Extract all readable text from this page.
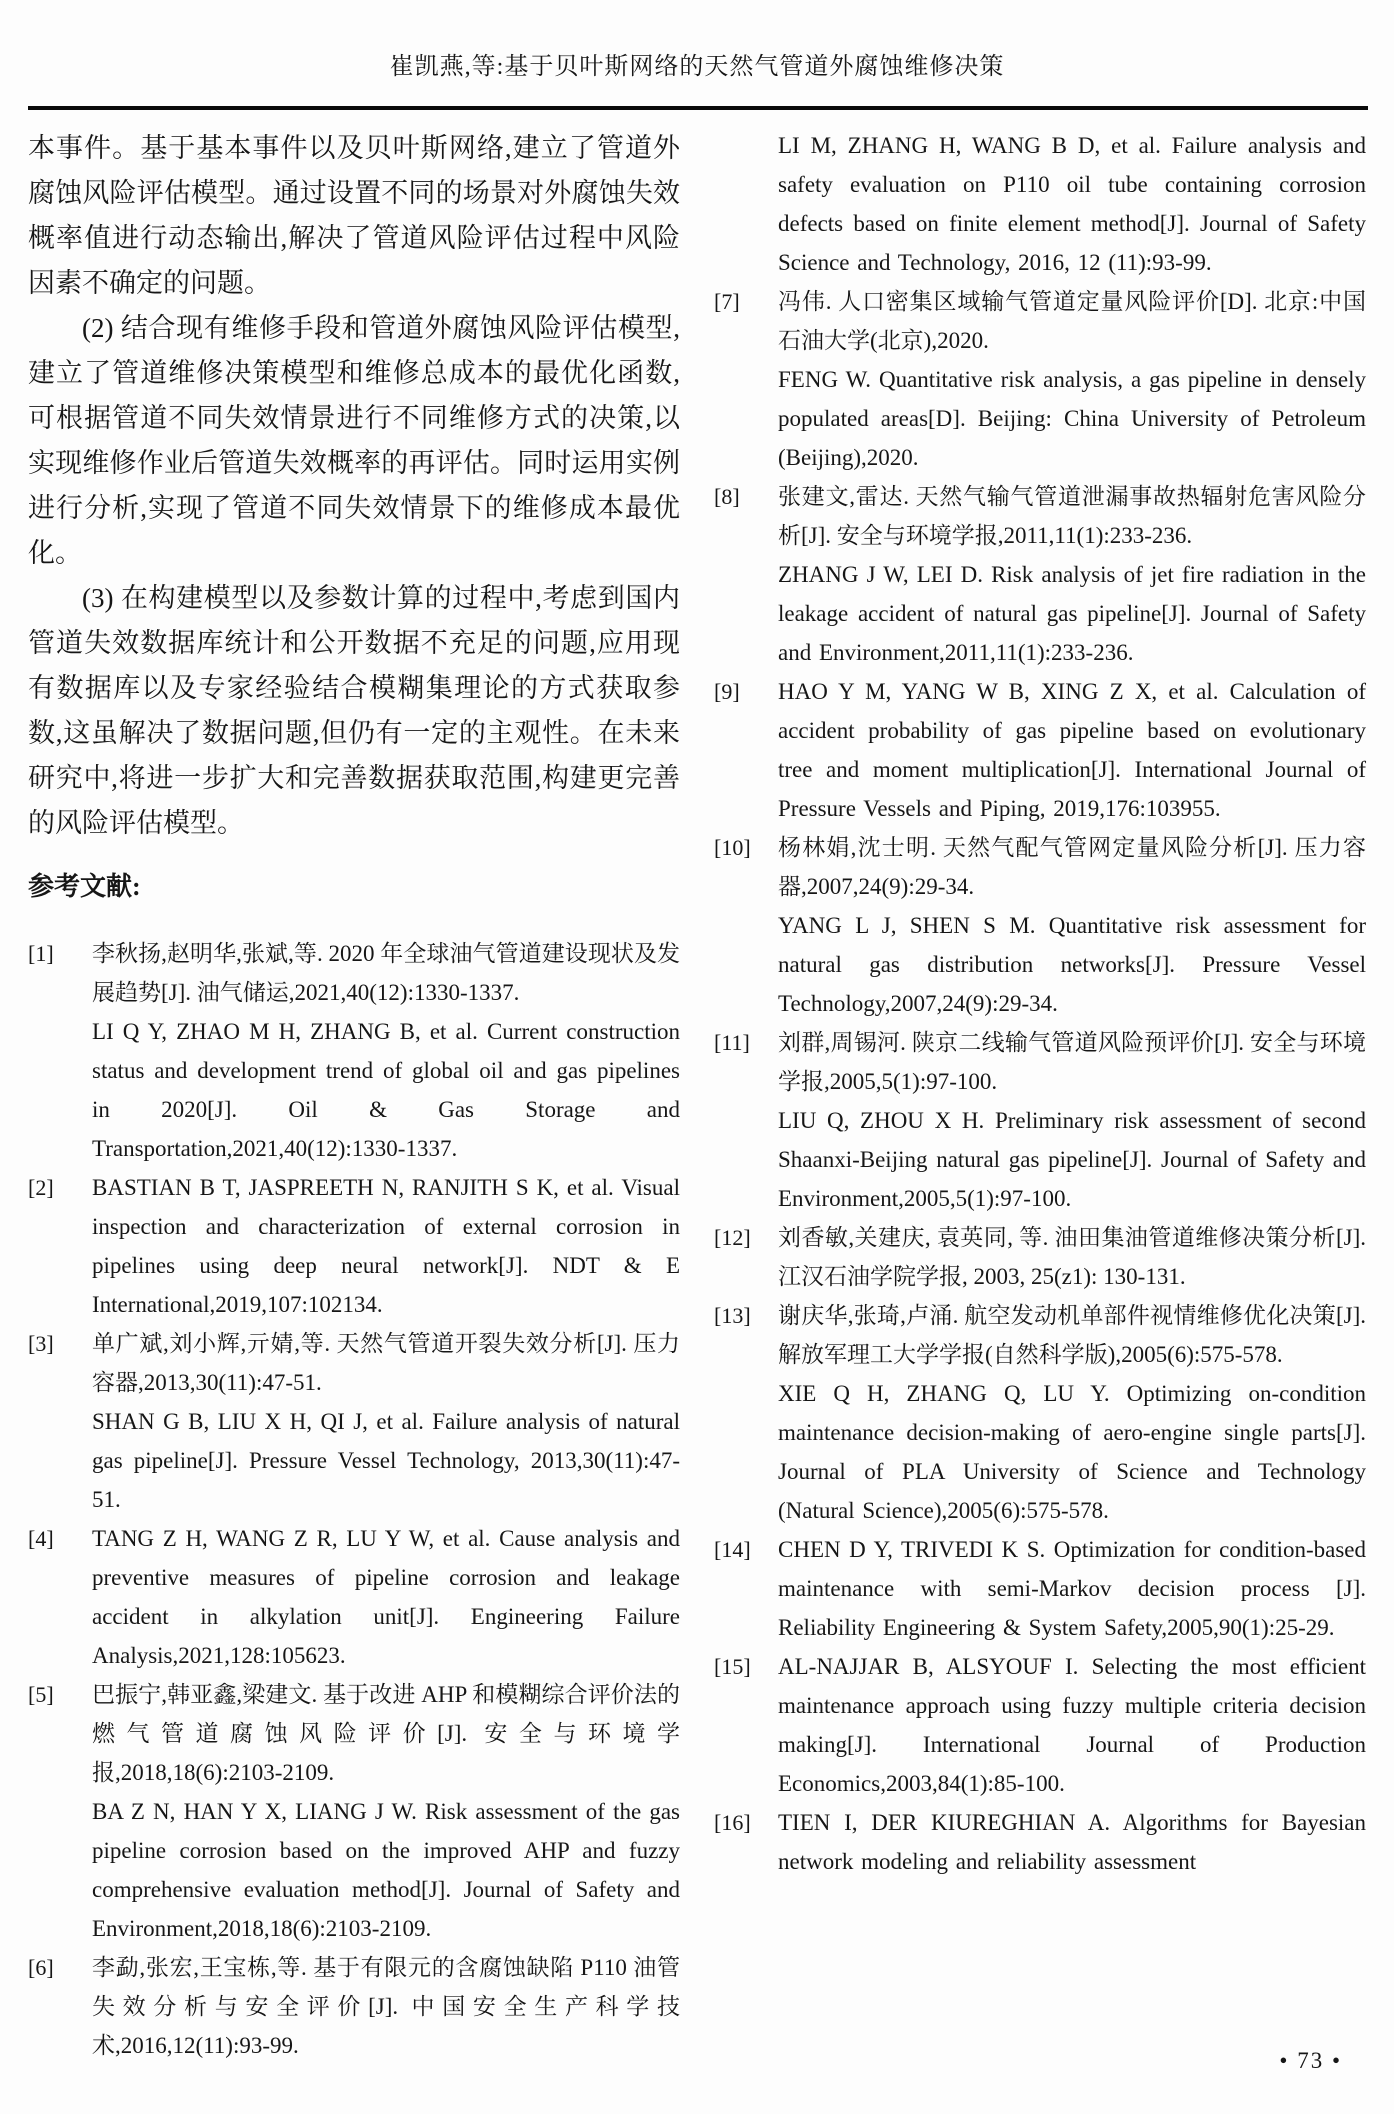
崔凯燕,等:基于贝叶斯网络的天然气管道外腐蚀维修决策

本事件。基于基本事件以及贝叶斯网络,建立了管道外腐蚀风险评估模型。通过设置不同的场景对外腐蚀失效概率值进行动态输出,解决了管道风险评估过程中风险因素不确定的问题。

(2) 结合现有维修手段和管道外腐蚀风险评估模型,建立了管道维修决策模型和维修总成本的最优化函数,可根据管道不同失效情景进行不同维修方式的决策,以实现维修作业后管道失效概率的再评估。同时运用实例进行分析,实现了管道不同失效情景下的维修成本最优化。

(3) 在构建模型以及参数计算的过程中,考虑到国内管道失效数据库统计和公开数据不充足的问题,应用现有数据库以及专家经验结合模糊集理论的方式获取参数,这虽解决了数据问题,但仍有一定的主观性。在未来研究中,将进一步扩大和完善数据获取范围,构建更完善的风险评估模型。

参考文献:
[1] 李秋扬,赵明华,张斌,等. 2020 年全球油气管道建设现状及发展趋势[J]. 油气储运,2021,40(12):1330-1337.
LI Q Y, ZHAO M H, ZHANG B, et al. Current construction status and development trend of global oil and gas pipelines in 2020[J]. Oil & Gas Storage and Transportation,2021,40(12):1330-1337.
[2] BASTIAN B T, JASPREETH N, RANJITH S K, et al. Visual inspection and characterization of external corrosion in pipelines using deep neural network[J]. NDT & E International,2019,107:102134.
[3] 单广斌,刘小辉,亓婧,等. 天然气管道开裂失效分析[J]. 压力容器,2013,30(11):47-51.
SHAN G B, LIU X H, QI J, et al. Failure analysis of natural gas pipeline[J]. Pressure Vessel Technology, 2013,30(11):47-51.
[4] TANG Z H, WANG Z R, LU Y W, et al. Cause analysis and preventive measures of pipeline corrosion and leakage accident in alkylation unit[J]. Engineering Failure Analysis,2021,128:105623.
[5] 巴振宁,韩亚鑫,梁建文. 基于改进 AHP 和模糊综合评价法的燃气管道腐蚀风险评价[J]. 安全与环境学报,2018,18(6):2103-2109.
BA Z N, HAN Y X, LIANG J W. Risk assessment of the gas pipeline corrosion based on the improved AHP and fuzzy comprehensive evaluation method[J]. Journal of Safety and Environment,2018,18(6):2103-2109.
[6] 李勐,张宏,王宝栋,等. 基于有限元的含腐蚀缺陷 P110 油管失效分析与安全评价[J]. 中国安全生产科学技术,2016,12(11):93-99.
LI M, ZHANG H, WANG B D, et al. Failure analysis and safety evaluation on P110 oil tube containing corrosion defects based on finite element method[J]. Journal of Safety Science and Technology, 2016, 12 (11):93-99.
[7] 冯伟. 人口密集区域输气管道定量风险评价[D]. 北京:中国石油大学(北京),2020.
FENG W. Quantitative risk analysis, a gas pipeline in densely populated areas[D]. Beijing: China University of Petroleum (Beijing),2020.
[8] 张建文,雷达. 天然气输气管道泄漏事故热辐射危害风险分析[J]. 安全与环境学报,2011,11(1):233-236.
ZHANG J W, LEI D. Risk analysis of jet fire radiation in the leakage accident of natural gas pipeline[J]. Journal of Safety and Environment,2011,11(1):233-236.
[9] HAO Y M, YANG W B, XING Z X, et al. Calculation of accident probability of gas pipeline based on evolutionary tree and moment multiplication[J]. International Journal of Pressure Vessels and Piping, 2019,176:103955.
[10] 杨林娟,沈士明. 天然气配气管网定量风险分析[J]. 压力容器,2007,24(9):29-34.
YANG L J, SHEN S M. Quantitative risk assessment for natural gas distribution networks[J]. Pressure Vessel Technology,2007,24(9):29-34.
[11] 刘群,周锡河. 陕京二线输气管道风险预评价[J]. 安全与环境学报,2005,5(1):97-100.
LIU Q, ZHOU X H. Preliminary risk assessment of second Shaanxi-Beijing natural gas pipeline[J]. Journal of Safety and Environment,2005,5(1):97-100.
[12] 刘香敏,关建庆, 袁英同, 等. 油田集油管道维修决策分析[J]. 江汉石油学院学报, 2003, 25(z1): 130-131.
[13] 谢庆华,张琦,卢涌. 航空发动机单部件视情维修优化决策[J]. 解放军理工大学学报(自然科学版),2005(6):575-578.
XIE Q H, ZHANG Q, LU Y. Optimizing on-condition maintenance decision-making of aero-engine single parts[J]. Journal of PLA University of Science and Technology (Natural Science),2005(6):575-578.
[14] CHEN D Y, TRIVEDI K S. Optimization for condition-based maintenance with semi-Markov decision process [J]. Reliability Engineering & System Safety,2005,90(1):25-29.
[15] AL-NAJJAR B, ALSYOUF I. Selecting the most efficient maintenance approach using fuzzy multiple criteria decision making[J]. International Journal of Production Economics,2003,84(1):85-100.
[16] TIEN I, DER KIUREGHIAN A. Algorithms for Bayesian network modeling and reliability assessment
• 73 •
